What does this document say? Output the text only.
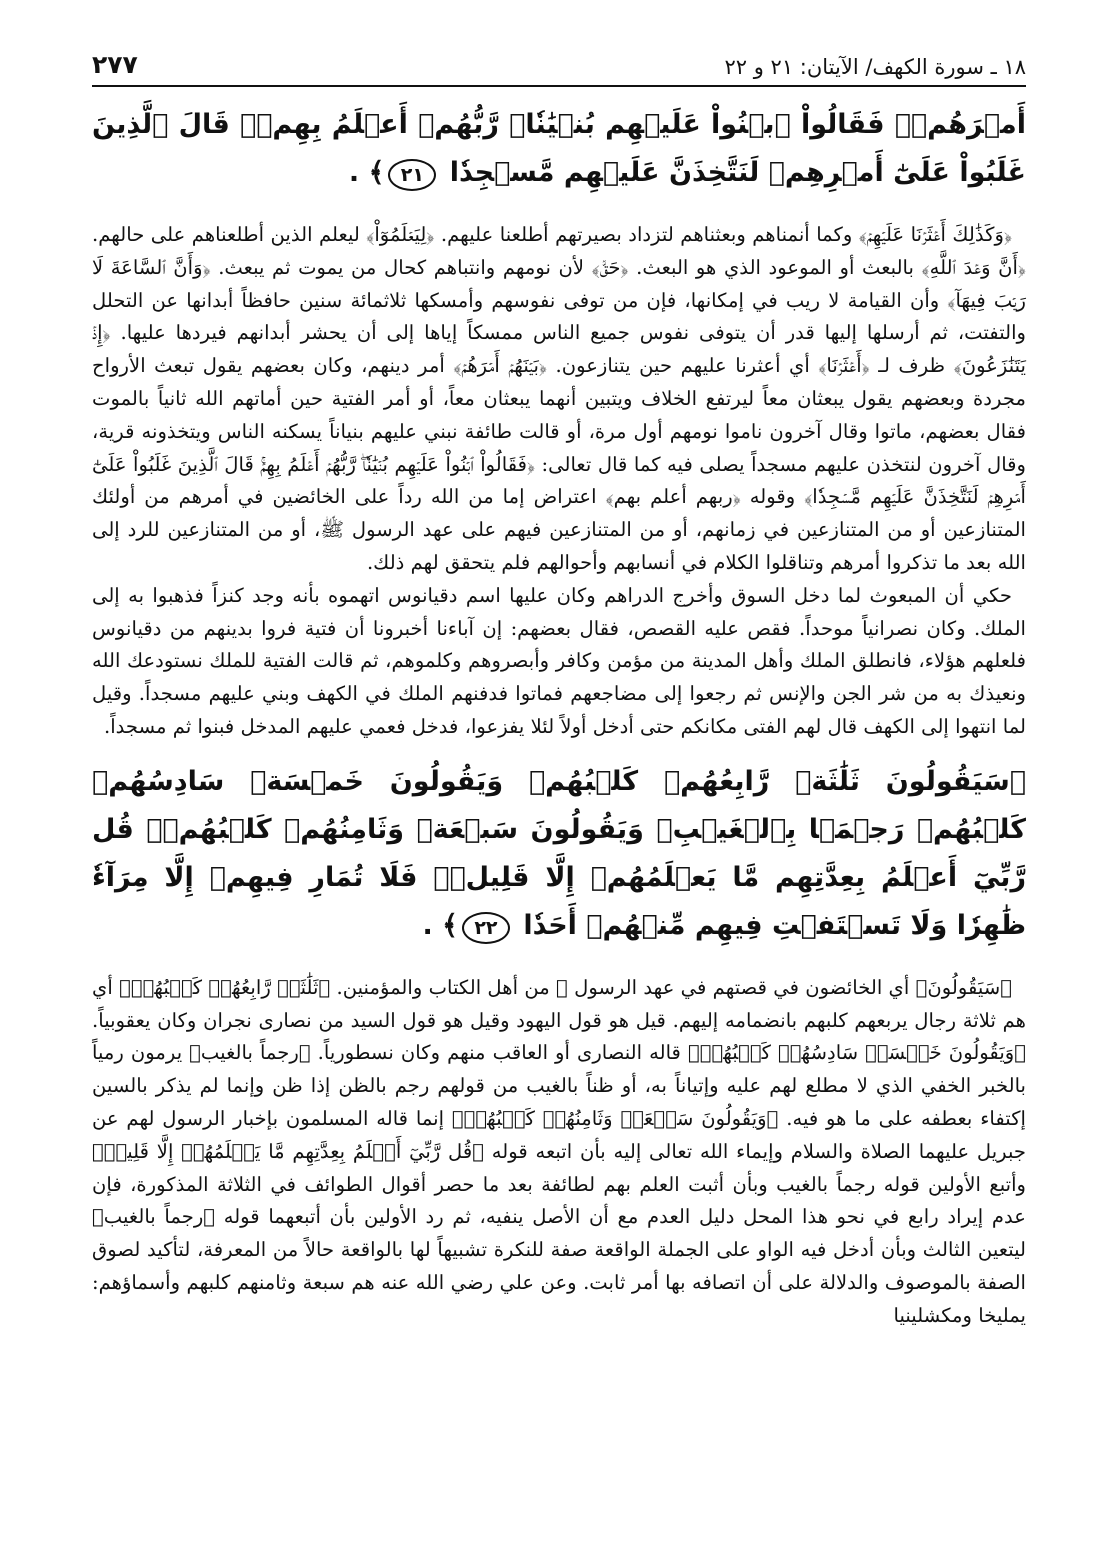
١٨ ـ سورة الكهف/ الآيتان: ٢١ و ٢٢
٢٧٧

أَمۡرَهُمۡۖ فَقَالُواْ ٱبۡنُواْ عَلَيۡهِم بُنۡيَٰنٗاۖ رَّبُّهُمۡ أَعۡلَمُ بِهِمۡۚ قَالَ ٱلَّذِينَ غَلَبُواْ عَلَىٰٓ أَمۡرِهِمۡ لَنَتَّخِذَنَّ عَلَيۡهِم مَّسۡجِدٗا ٢١﴾ .

﴿وَكَذَٰلِكَ أَعۡثَرۡنَا عَلَيۡهِمۡ﴾ وكما أنمناهم وبعثناهم لتزداد بصيرتهم أطلعنا عليهم. ﴿لِيَعۡلَمُوٓاْ﴾ ليعلم الذين أطلعناهم على حالهم. ﴿أَنَّ وَعۡدَ ٱللَّهِ﴾ بالبعث أو الموعود الذي هو البعث. ﴿حَقّٞ﴾ لأن نومهم وانتباهم كحال من يموت ثم يبعث. ﴿وَأَنَّ ٱلسَّاعَةَ لَا رَيۡبَ فِيهَآ﴾ وأن القيامة لا ريب في إمكانها، فإن من توفى نفوسهم وأمسكها ثلاثمائة سنين حافظاً أبدانها عن التحلل والتفتت، ثم أرسلها إليها قدر أن يتوفى نفوس جميع الناس ممسكاً إياها إلى أن يحشر أبدانهم فيردها عليها. ﴿إِذۡ يَتَنَٰزَعُونَ﴾ ظرف لـ ﴿أَعۡثَرۡنَا﴾ أي أعثرنا عليهم حين يتنازعون. ﴿بَيۡنَهُمۡ أَمۡرَهُمۡ﴾ أمر دينهم، وكان بعضهم يقول تبعث الأرواح مجردة وبعضهم يقول يبعثان معاً ليرتفع الخلاف ويتبين أنهما يبعثان معاً، أو أمر الفتية حين أماتهم الله ثانياً بالموت فقال بعضهم، ماتوا وقال آخرون ناموا نومهم أول مرة، أو قالت طائفة نبني عليهم بنياناً يسكنه الناس ويتخذونه قرية، وقال آخرون لنتخذن عليهم مسجداً يصلى فيه كما قال تعالى: ﴿فَقَالُواْ ٱبۡنُواْ عَلَيۡهِم بُنۡيَٰنٗاۖ رَّبُّهُمۡ أَعۡلَمُ بِهِمۡۚ قَالَ ٱلَّذِينَ غَلَبُواْ عَلَىٰٓ أَمۡرِهِمۡ لَنَتَّخِذَنَّ عَلَيۡهِم مَّسۡجِدٗا﴾ وقوله ﴿ربهم أعلم بهم﴾ اعتراض إما من الله رداً على الخائضين في أمرهم من أولئك المتنازعين أو من المتنازعين في زمانهم، أو من المتنازعين فيهم على عهد الرسول ﷺ، أو من المتنازعين للرد إلى الله بعد ما تذكروا أمرهم وتناقلوا الكلام في أنسابهم وأحوالهم فلم يتحقق لهم ذلك.

حكي أن المبعوث لما دخل السوق وأخرج الدراهم وكان عليها اسم دقيانوس اتهموه بأنه وجد كنزاً فذهبوا به إلى الملك. وكان نصرانياً موحداً. فقص عليه القصص، فقال بعضهم: إن آباءنا أخبرونا أن فتية فروا بدينهم من دقيانوس فلعلهم هؤلاء، فانطلق الملك وأهل المدينة من مؤمن وكافر وأبصروهم وكلموهم، ثم قالت الفتية للملك نستودعك الله ونعيذك به من شر الجن والإنس ثم رجعوا إلى مضاجعهم فماتوا فدفنهم الملك في الكهف وبني عليهم مسجداً. وقيل لما انتهوا إلى الكهف قال لهم الفتى مكانكم حتى أدخل أولاً لئلا يفزعوا، فدخل فعمي عليهم المدخل فبنوا ثم مسجداً.

﴿سَيَقُولُونَ ثَلَٰثَةٞ رَّابِعُهُمۡ كَلۡبُهُمۡ وَيَقُولُونَ خَمۡسَةٞ سَادِسُهُمۡ كَلۡبُهُمۡ رَجۡمَۢا بِٱلۡغَيۡبِۖ وَيَقُولُونَ سَبۡعَةٞ وَثَامِنُهُمۡ كَلۡبُهُمۡۚ قُل رَّبِّيٓ أَعۡلَمُ بِعِدَّتِهِم مَّا يَعۡلَمُهُمۡ إِلَّا قَلِيلٞۗ فَلَا تُمَارِ فِيهِمۡ إِلَّا مِرَآءٗ ظَٰهِرٗا وَلَا تَسۡتَفۡتِ فِيهِم مِّنۡهُمۡ أَحَدٗا ٢٢﴾ .

﴿سَيَقُولُونَ﴾ أي الخائضون في قصتهم في عهد الرسول ﷺ من أهل الكتاب والمؤمنين. ﴿ثَلَٰثَةٞ رَّابِعُهُمۡ كَلۡبُهُمۡ﴾ أي هم ثلاثة رجال يربعهم كلبهم بانضمامه إليهم. قيل هو قول اليهود وقيل هو قول السيد من نصارى نجران وكان يعقوبياً. ﴿وَيَقُولُونَ خَمۡسَةٞ سَادِسُهُمۡ كَلۡبُهُمۡ﴾ قاله النصارى أو العاقب منهم وكان نسطورياً. ﴿رجماً بالغيب﴾ يرمون رمياً بالخبر الخفي الذي لا مطلع لهم عليه وإتياناً به، أو ظناً بالغيب من قولهم رجم بالظن إذا ظن وإنما لم يذكر بالسين إكتفاء بعطفه على ما هو فيه. ﴿وَيَقُولُونَ سَبۡعَةٞ وَثَامِنُهُمۡ كَلۡبُهُمۡ﴾ إنما قاله المسلمون بإخبار الرسول لهم عن جبريل عليهما الصلاة والسلام وإيماء الله تعالى إليه بأن اتبعه قوله ﴿قُل رَّبِّيٓ أَعۡلَمُ بِعِدَّتِهِم مَّا يَعۡلَمُهُمۡ إِلَّا قَلِيلٞ﴾ وأتبع الأولين قوله رجماً بالغيب وبأن أثبت العلم بهم لطائفة بعد ما حصر أقوال الطوائف في الثلاثة المذكورة، فإن عدم إيراد رابع في نحو هذا المحل دليل العدم مع أن الأصل ينفيه، ثم رد الأولين بأن أتبعهما قوله ﴿رجماً بالغيب﴾ ليتعين الثالث وبأن أدخل فيه الواو على الجملة الواقعة صفة للنكرة تشبيهاً لها بالواقعة حالاً من المعرفة، لتأكيد لصوق الصفة بالموصوف والدلالة على أن اتصافه بها أمر ثابت. وعن علي رضي الله عنه هم سبعة وثامنهم كلبهم وأسماؤهم: يمليخا ومكشلينيا
